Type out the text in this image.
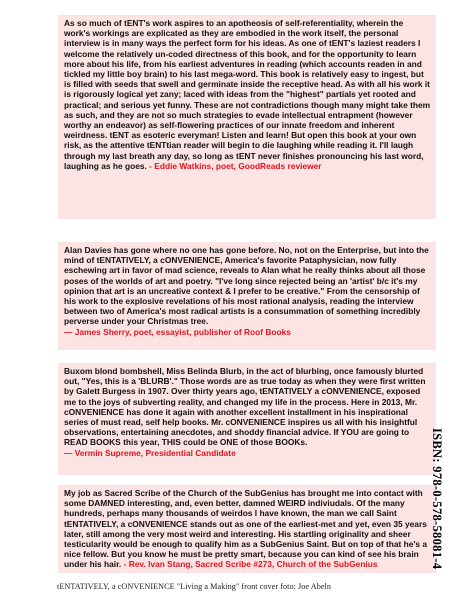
As so much of tENT's work aspires to an apotheosis of self-referentiality, wherein the work's workings are explicated as they are embodied in the work itself, the personal interview is in many ways the perfect form for his ideas. As one of tENT's laziest readers I welcome the relatively un-coded directness of this book, and for the opportunity to learn more about his life, from his earliest adventures in reading (which accounts readen in and tickled my little boy brain) to his last mega-word. This book is relatively easy to ingest, but is filled with seeds that swell and germinate inside the receptive head. As with all his work it is rigorously logical yet zany; laced with ideas from the "highest" partials yet rooted and practical; and serious yet funny. These are not contradictions though many might take them as such, and they are not so much strategies to evade intellectual entrapment (however worthy an endeavor) as self-flowering practices of our innate freedom and inherent weirdness. tENT as esoteric everyman! Listen and learn! But open this book at your own risk, as the attentive tENTtian reader will begin to die laughing while reading it. I'll laugh through my last breath any day, so long as tENT never finishes pronouncing his last word, laughing as he goes. - Eddie Watkins, poet, GoodReads reviewer

Alan Davies has gone where no one has gone before. No, not on the Enterprise, but into the mind of tENTATIVELY, a cONVENIENCE, America's favorite Pataphysician, now fully eschewing art in favor of mad science, reveals to Alan what he really thinks about all those poses of the worlds of art and poetry. "I've long since rejected being an 'artist' b/c it's my opinion that art is an uncreative context & I prefer to be creative." From the censorship of his work to the explosive revelations of his most rational analysis, reading the interview between two of America's most radical artists is a consummation of something incredibly perverse under your Christmas tree.
— James Sherry, poet, essayist, publisher of Roof Books

Buxom blond bombshell, Miss Belinda Blurb, in the act of blurbing, once famously blurted out, "Yes, this is a 'BLURB'." Those words are as true today as when they were first written by Galett Burgess in 1907. Over thirty years ago, tENTATIVELY a cONVENIENCE, exposed me to the joys of subverting reality, and changed my life in the process. Here in 2013, Mr. cONVENIENCE has done it again with another excellent installment in his inspirational series of must read, self help books. Mr. cONVENIENCE inspires us all with his insightful observations, entertaining anecdotes, and shoddy financial advice. If YOU are going to READ BOOKS this year, THIS could be ONE of those BOOKs.
— Vermin Supreme, Presidential Candidate

My job as Sacred Scribe of the Church of the SubGenius has brought me into contact with some DAMNED interesting, and, even better, damned WEIRD indiviudals. Of the many hundreds, perhaps many thousands of weirdos I have known, the man we call Saint tENTATIVELY, a cONVENIENCE stands out as one of the earliest-met and yet, even 35 years later, still among the very most weird and interesting. His startling originality and sheer testicularity would be enough to qualify him as a SubGenius Saint. But on top of that he's a nice fellow. But you know he must be pretty smart, because you can kind of see his brain under his hair. - Rev. Ivan Stang, Sacred Scribe #273, Church of the SubGenius	ISBN: 978-0-578-58081-4
tENTATIVELY, a cONVENIENCE "Living a Making" front cover foto: Joe Abeln
